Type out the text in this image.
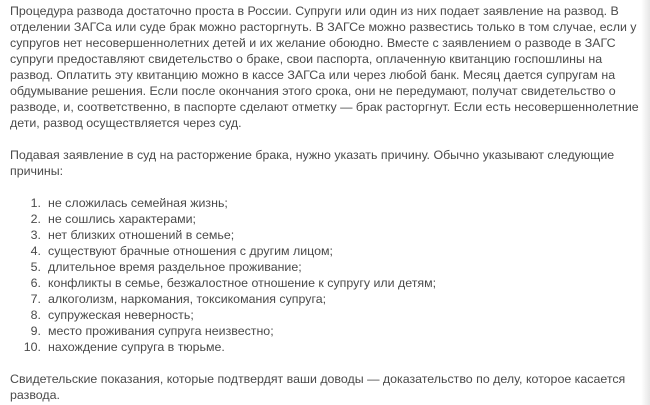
Процедура развода достаточно проста в России. Супруги или один из них подает заявление на развод. В отделении ЗАГСа или суде брак можно расторгнуть. В ЗАГСе можно развестись только в том случае, если у супругов нет несовершеннолетних детей и их желание обоюдно. Вместе с заявлением о разводе в ЗАГС супруги предоставляют свидетельство о браке, свои паспорта, оплаченную квитанцию госпошлины на развод. Оплатить эту квитанцию можно в кассе ЗАГСа или через любой банк. Месяц дается супругам на обдумывание решения. Если после окончания этого срока, они не передумают, получат свидетельство о разводе, и, соответственно, в паспорте сделают отметку — брак расторгнут. Если есть несовершеннолетние дети, развод осуществляется через суд.

Подавая заявление в суд на расторжение брака, нужно указать причину. Обычно указывают следующие причины:

1. не сложилась семейная жизнь;
2. не сошлись характерами;
3. нет близких отношений в семье;
4. существуют брачные отношения с другим лицом;
5. длительное время раздельное проживание;
6. конфликты в семье, безжалостное отношение к супругу или детям;
7. алкоголизм, наркомания, токсикомания супруга;
8. супружеская неверность;
9. место проживания супруга неизвестно;
10. нахождение супруга в тюрьме.

Свидетельские показания, которые подтвердят ваши доводы — доказательство по делу, которое касается развода.
